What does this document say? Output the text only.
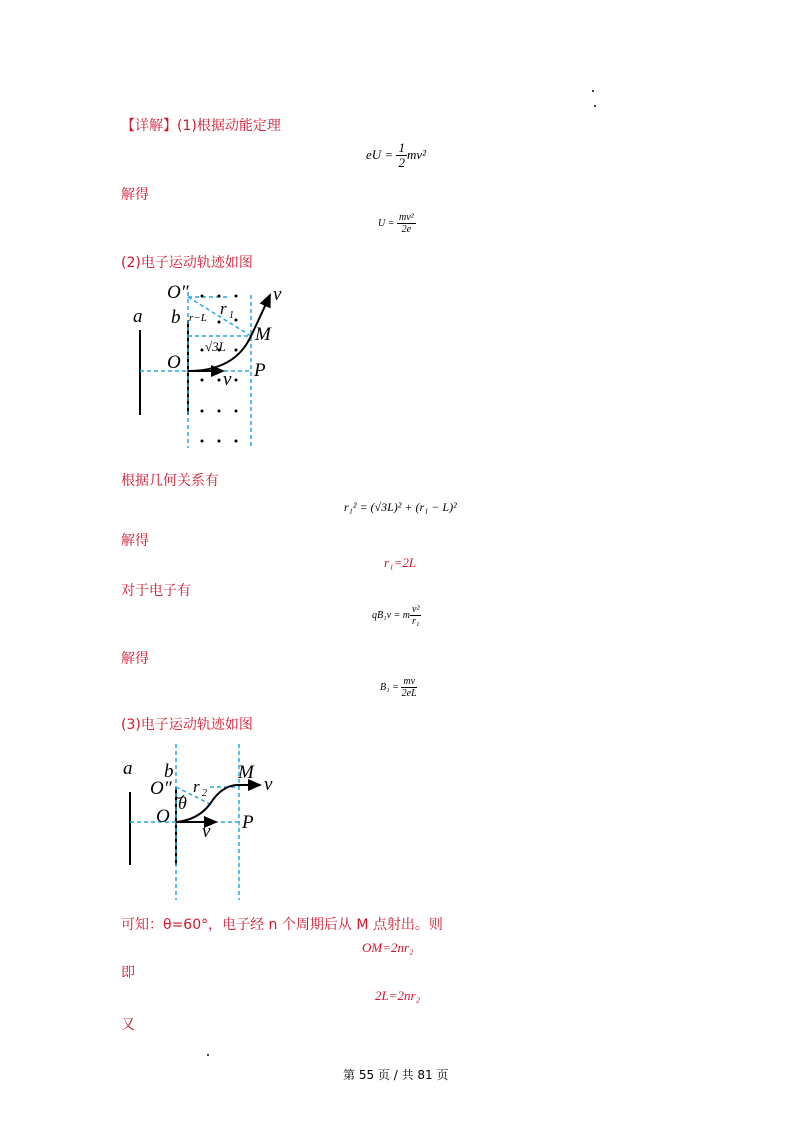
【详解】(1)根据动能定理
eU = $\frac{1}{2} mv^2$
解得
$U = \frac{\text{mv²}}{2e}$
(2)电子运动轨迹如图
O″
a b r 1
r−L
M
v
√3L
O	P
v
根据几何关系有
r₁² = (√3L)² + (r₁ − L)²
解得
r₁=2L
对于电子有
qB₁v = m $\frac{\text{v²}}{\text{r₁}}$
解得
$B_1 = \frac{mv}{2eL}$
(3)电子运动轨迹如图
a b
O″ r 2
θ
M
v
O
v P
可知：θ=60°，电子经 n 个周期后从 M 点射出。则
OM=2nr₂
即
2L=2nr₂
又
第 55 页 / 共 81 页
